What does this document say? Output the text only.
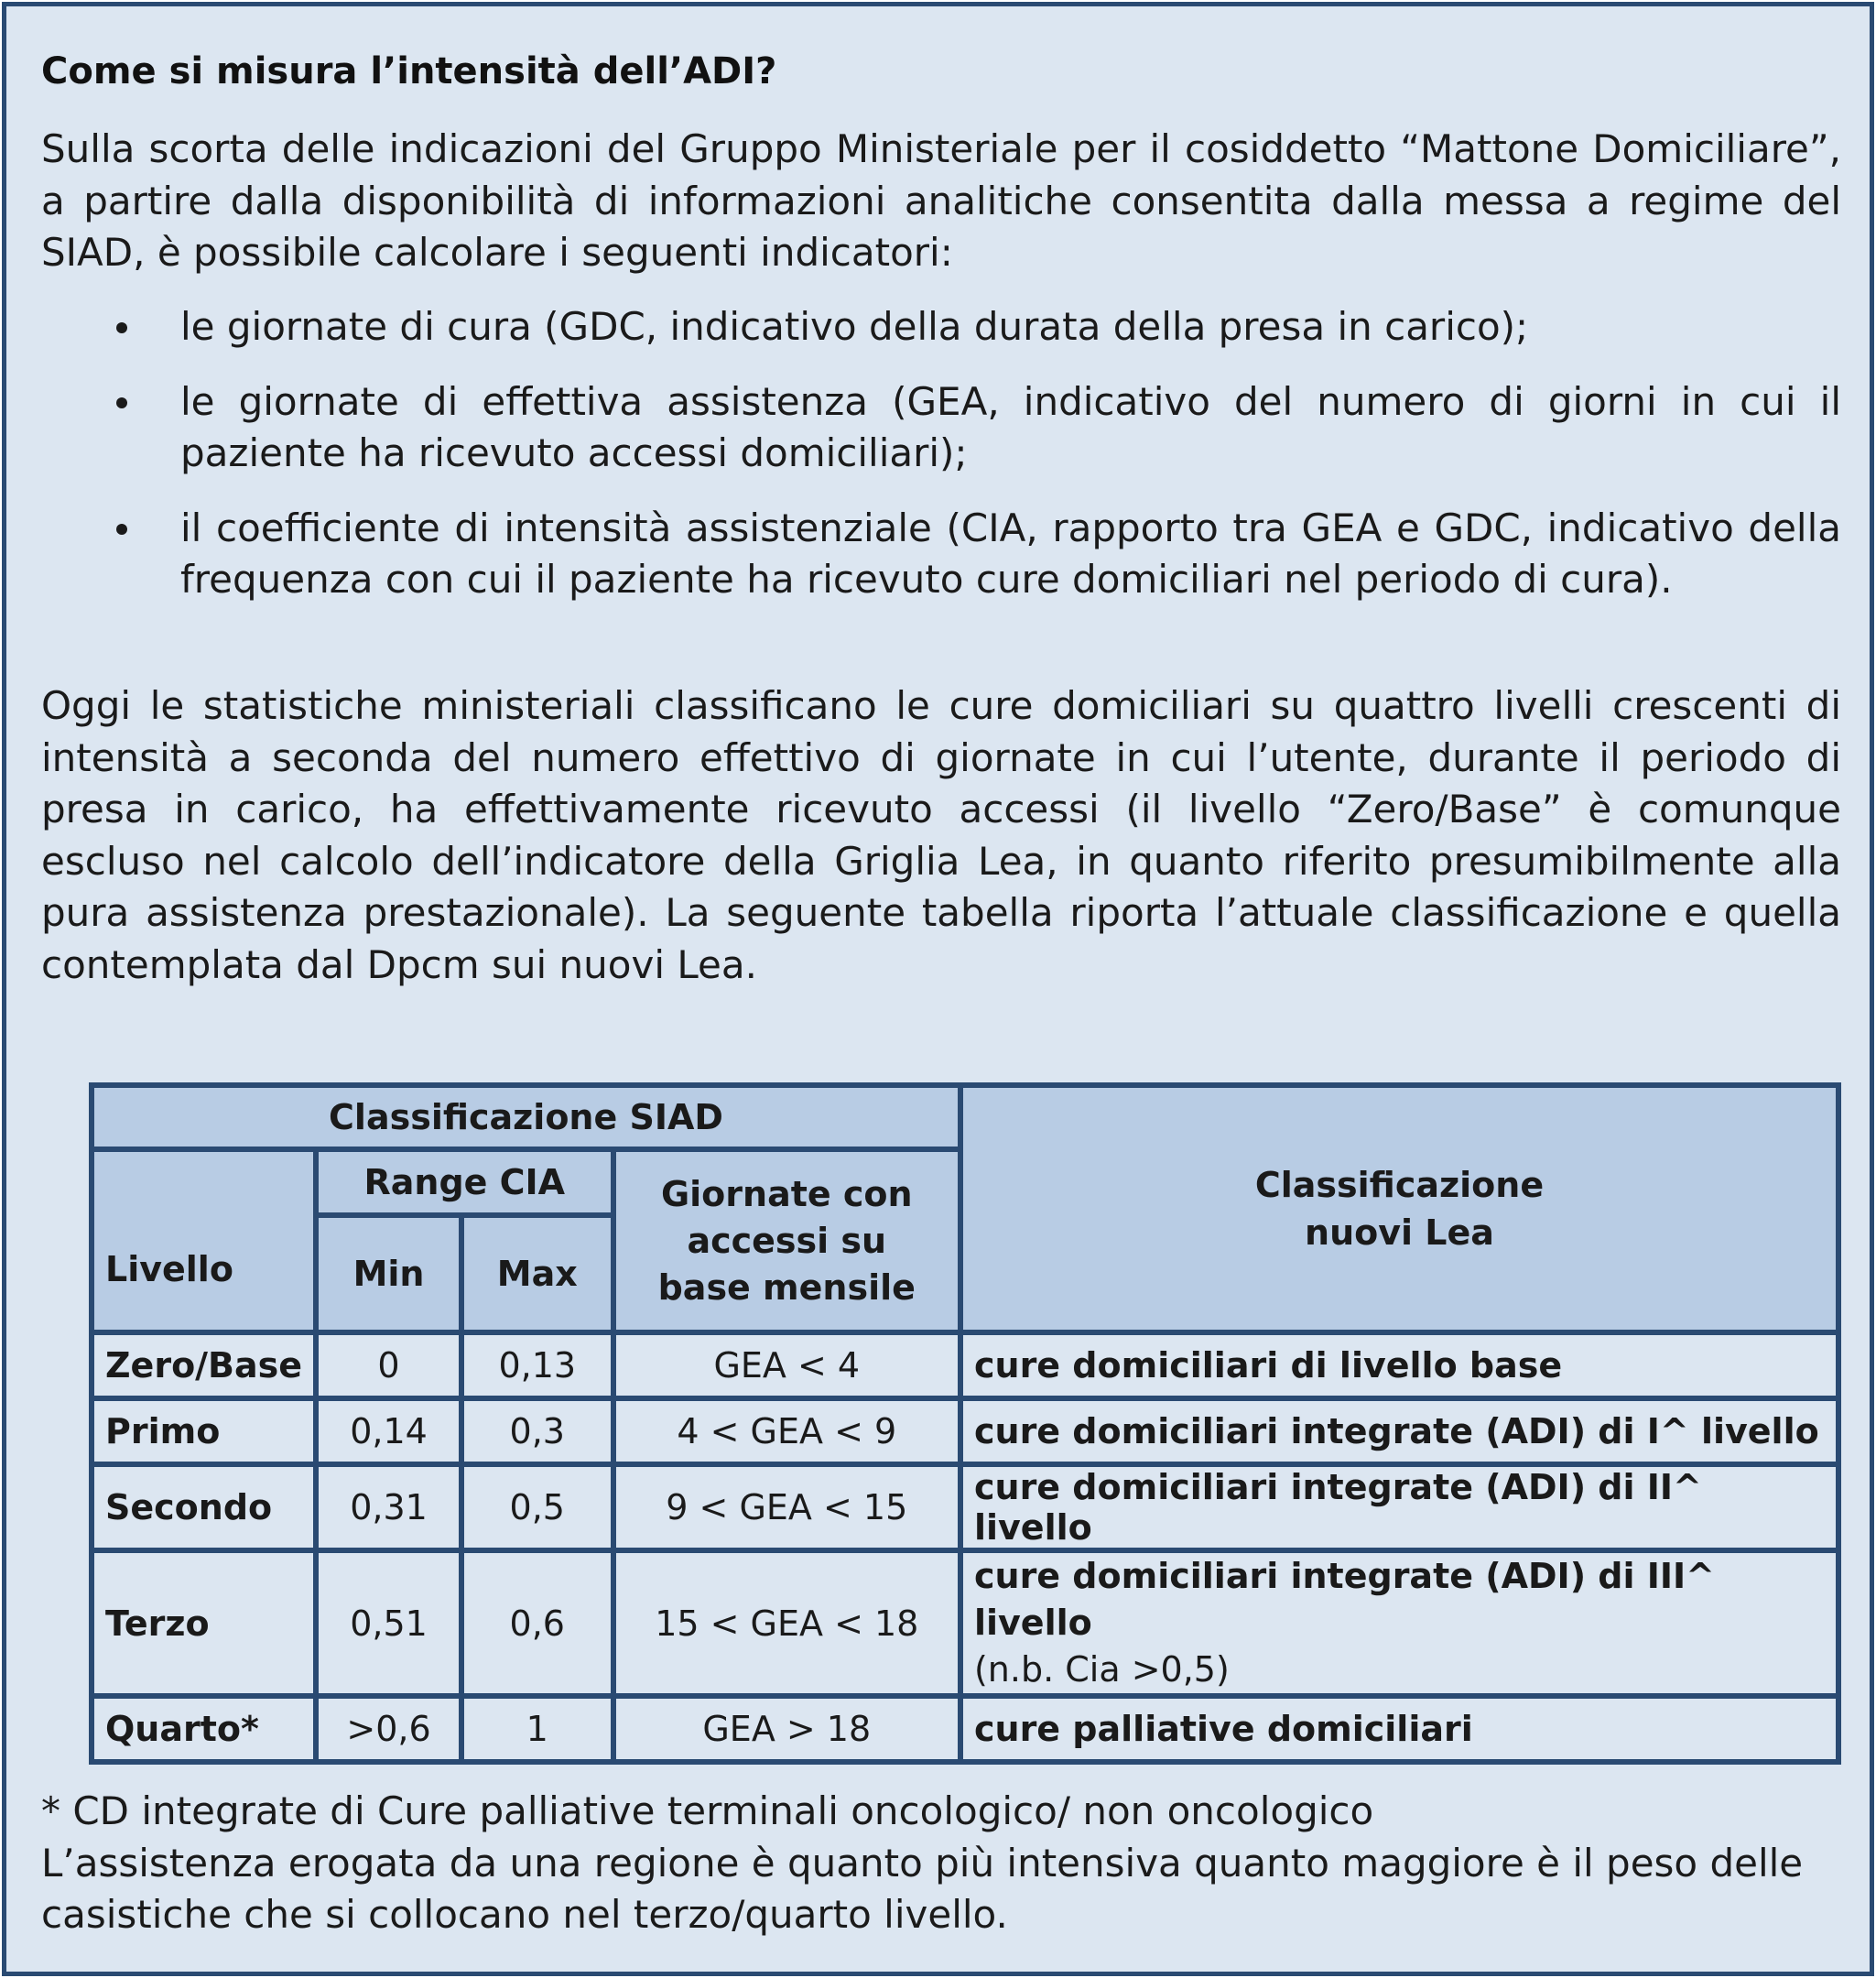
Come si misura l’intensità dell’ADI?
Sulla scorta delle indicazioni del Gruppo Ministeriale per il cosiddetto “Mattone Domiciliare”, a partire dalla disponibilità di informazioni analitiche consentita dalla messa a regime del SIAD, è possibile calcolare i seguenti indicatori:
le giornate di cura (GDC, indicativo della durata della presa in carico);
le giornate di effettiva assistenza (GEA, indicativo del numero di giorni in cui il paziente ha ricevuto accessi domiciliari);
il coefficiente di intensità assistenziale (CIA, rapporto tra GEA e GDC, indicativo della frequenza con cui il paziente ha ricevuto cure domiciliari nel periodo di cura).
Oggi le statistiche ministeriali classificano le cure domiciliari su quattro livelli crescenti di intensità a seconda del numero effettivo di giornate in cui l’utente, durante il periodo di presa in carico, ha effettivamente ricevuto accessi (il livello “Zero/Base” è comunque escluso nel calcolo dell’indicatore della Griglia Lea, in quanto riferito presumibilmente alla pura assistenza prestazionale). La seguente tabella riporta l’attuale classificazione e quella contemplata dal Dpcm sui nuovi Lea.
Classificazione SIAD				Classificazione nuovi Lea

Livello	Range CIA		Giornate con accessi su base mensile	

	Min	Max		
Zero/Base	0	0,13	GEA < 4	cure domiciliari di livello base
Primo	0,14	0,3	4 < GEA < 9	cure domiciliari integrate (ADI) di I^ livello
Secondo	0,31	0,5	9 < GEA < 15	cure domiciliari integrate (ADI) di II^ livello
Terzo	0,51	0,6	15 < GEA < 18	cure domiciliari integrate (ADI) di III^ livello
(n.b. Cia >0,5)

Quarto*	>0,6	1	GEA > 18	cure palliative domiciliari
* CD integrate di Cure palliative terminali oncologico/ non oncologico
L’assistenza erogata da una regione è quanto più intensiva quanto maggiore è il peso delle casistiche che si collocano nel terzo/quarto livello.
